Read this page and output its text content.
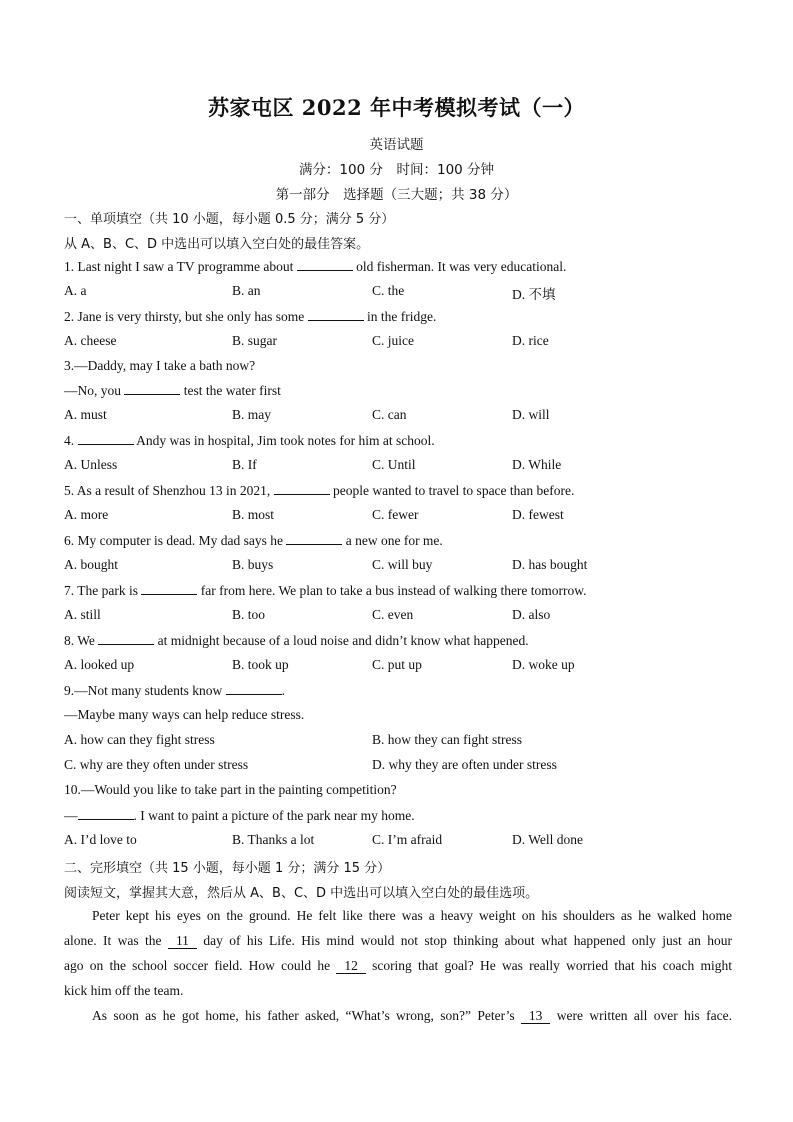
苏家屯区 2022 年中考模拟考试（一）
英语试题
满分：100 分　时间：100 分钟
第一部分　选择题（三大题；共 38 分）
一、单项填空（共 10 小题，每小题 0.5 分；满分 5 分）
从 A、B、C、D 中选出可以填入空白处的最佳答案。
1. Last night I saw a TV programme about	old fisherman. It was very educational.
A. a	B. an	C. the	D. 不填
2. Jane is very thirsty, but she only has some	in the fridge.
A. cheese	B. sugar	C. juice	D. rice
3.—Daddy, may I take a bath now?
—No, you	test the water first
A. must	B. may	C. can	D. will
4.	Andy was in hospital, Jim took notes for him at school.
A. Unless	B. If	C. Until	D. While
5. As a result of Shenzhou 13 in 2021,	people wanted to travel to space than before.
A. more	B. most	C. fewer	D. fewest
6. My computer is dead. My dad says he	a new one for me.
A. bought	B. buys	C. will buy	D. has bought
7. The park is	far from here. We plan to take a bus instead of walking there tomorrow.
A. still	B. too	C. even	D. also
8. We	at midnight because of a loud noise and didn’t know what happened.
A. looked up	B. took up	C. put up	D. woke up
9.—Not many students know	.
—Maybe many ways can help reduce stress.
A. how can they fight stress	B. how they can fight stress
C. why are they often under stress	D. why they are often under stress
10.—Would you like to take part in the painting competition?
—	. I want to paint a picture of the park near my home.
A. I’d love to	B. Thanks a lot	C. I’m afraid	D. Well done
二、完形填空（共 15 小题，每小题 1 分；满分 15 分）
阅读短文，掌握其大意，然后从 A、B、C、D 中选出可以填入空白处的最佳选项。
Peter kept his eyes on the ground. He felt like there was a heavy weight on his shoulders as he walked home
alone. It was the 11 day of his Life. His mind would not stop thinking about what happened only just an hour
ago on the school soccer field. How could he 12 scoring that goal? He was really worried that his coach might
kick him off the team.
As soon as he got home, his father asked, “What’s wrong, son?” Peter’s 13 were written all over his face.
